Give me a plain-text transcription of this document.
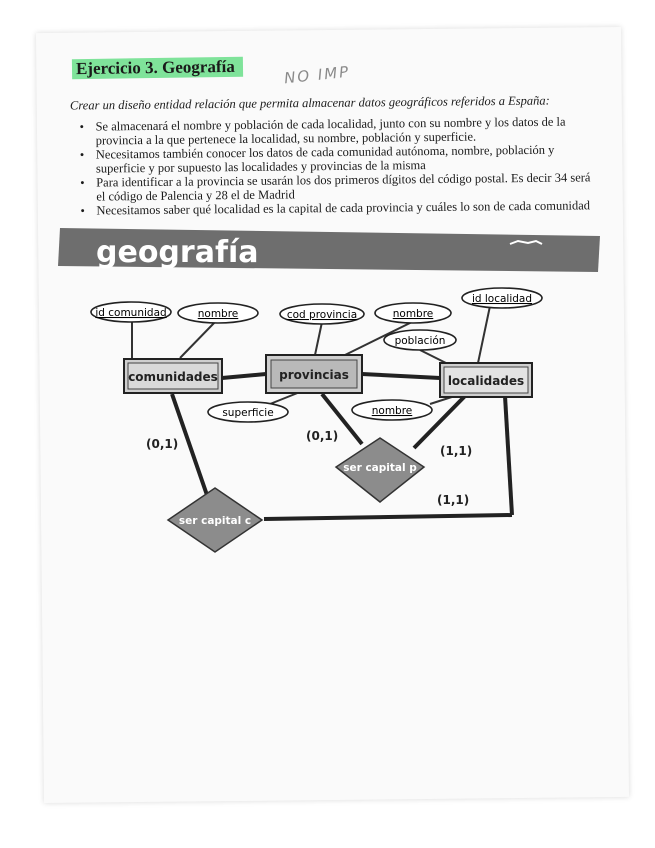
Ejercicio 3. Geografía	NO IMP
Crear un diseño entidad relación que permita almacenar datos geográficos referidos a España:
• Se almacenará el nombre y población de cada localidad, junto con su nombre y los datos de la provincia a la que pertenece la localidad, su nombre, población y superficie.
• Necesitamos también conocer los datos de cada comunidad autónoma, nombre, población y superficie y por supuesto las localidades y provincias de la misma
• Para identificar a la provincia se usarán los dos primeros dígitos del código postal. Es decir 34 será el código de Palencia y 28 el de Madrid
• Necesitamos saber qué localidad es la capital de cada provincia y cuáles lo son de cada comunidad
geografía
id comunidad	nombre	cod provincia	nombre
id localidad
población
superficie	nombre
comunidades	provincias	localidades
ser capital p
ser capital c
(0,1)
(1,1)
(0,1)
(1,1)
